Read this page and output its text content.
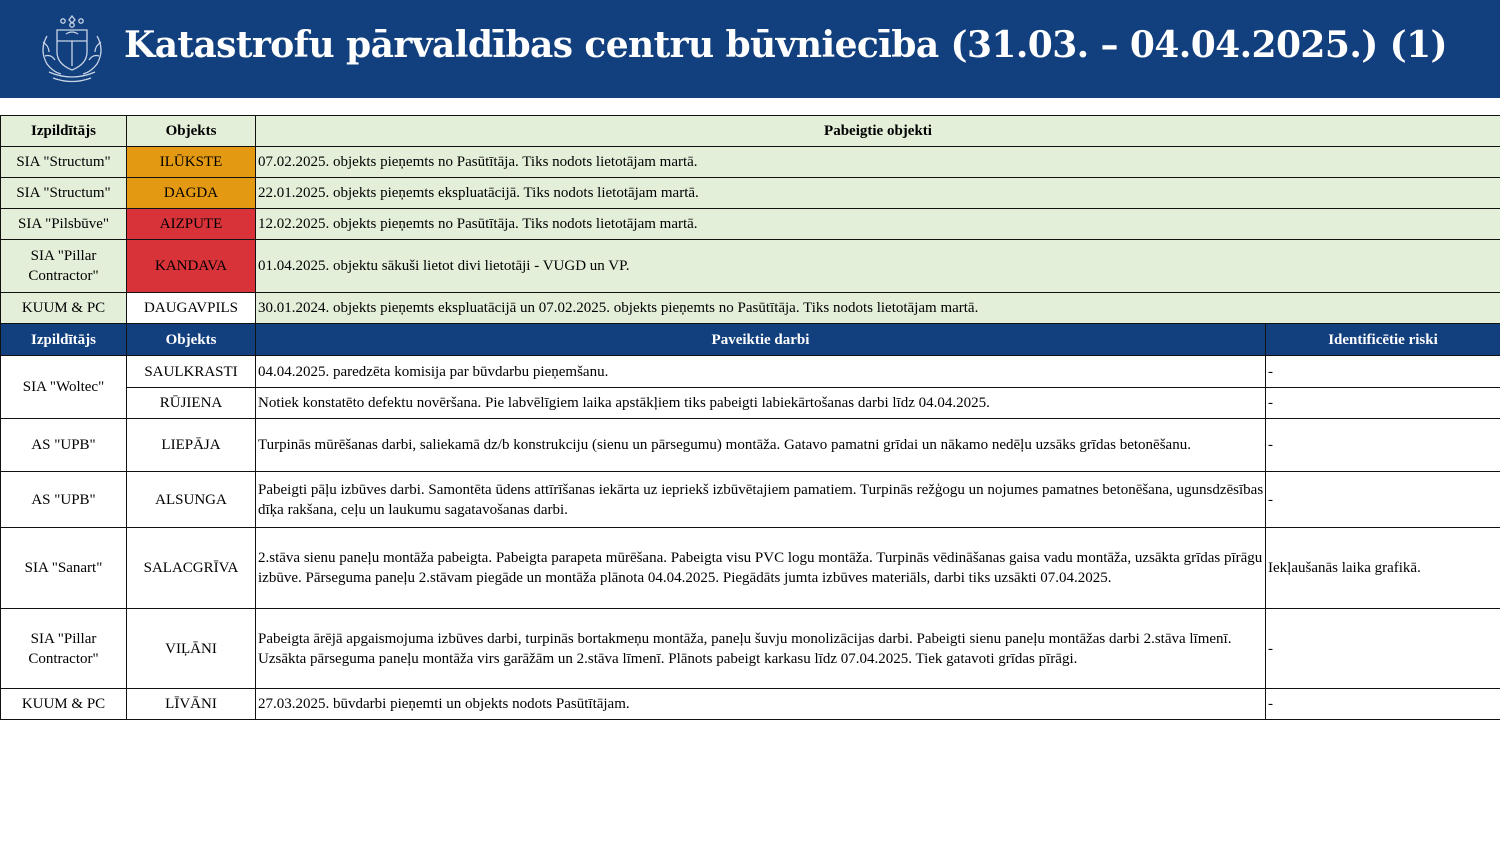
Katastrofu pārvaldības centru būvniecība (31.03. – 04.04.2025.) (1)
Izpildītājs	Objekts	Pabeigtie objekti
SIA "Structum"	ILŪKSTE	07.02.2025. objekts pieņemts no Pasūtītāja. Tiks nodots lietotājam martā.
SIA "Structum"	DAGDA	22.01.2025. objekts pieņemts ekspluatācijā. Tiks nodots lietotājam martā.
SIA "Pilsbūve"	AIZPUTE	12.02.2025. objekts pieņemts no Pasūtītāja. Tiks nodots lietotājam martā.
SIA "Pillar Contractor"	KANDAVA	01.04.2025. objektu sākuši lietot divi lietotāji - VUGD un VP.
KUUM & PC	DAUGAVPILS	30.01.2024. objekts pieņemts ekspluatācijā un 07.02.2025. objekts pieņemts no Pasūtītāja. Tiks nodots lietotājam martā.
Izpildītājs	Objekts	Paveiktie darbi	Identificētie riski
SIA "Woltec"	SAULKRASTI	04.04.2025. paredzēta komisija par būvdarbu pieņemšanu.	-
	RŪJIENA	Notiek konstatēto defektu novēršana. Pie labvēlīgiem laika apstākļiem tiks pabeigti labiekārtošanas darbi līdz 04.04.2025.	-
AS "UPB"	LIEPĀJA	Turpinās mūrēšanas darbi, saliekamā dz/b konstrukciju (sienu un pārsegumu) montāža. Gatavo pamatni grīdai un nākamo nedēļu uzsāks grīdas betonēšanu.	-
AS "UPB"	ALSUNGA	Pabeigti pāļu izbūves darbi. Samontēta ūdens attīrīšanas iekārta uz iepriekš izbūvētajiem pamatiem. Turpinās režģogu un nojumes pamatnes betonēšana, ugunsdzēsības dīķa rakšana, ceļu un laukumu sagatavošanas darbi.	-
SIA "Sanart"	SALACGRĪVA	2.stāva sienu paneļu montāža pabeigta. Pabeigta parapeta mūrēšana. Pabeigta visu PVC logu montāža. Turpinās vēdināšanas gaisa vadu montāža, uzsākta grīdas pīrāgu izbūve. Pārseguma paneļu 2.stāvam piegāde un montāža plānota 04.04.2025. Piegādāts jumta izbūves materiāls, darbi tiks uzsākti 07.04.2025.	Iekļaušanās laika grafikā.
SIA "Pillar Contractor"	VIĻĀNI	Pabeigta ārējā apgaismojuma izbūves darbi, turpinās bortakmeņu montāža, paneļu šuvju monolizācijas darbi. Pabeigti sienu paneļu montāžas darbi 2.stāva līmenī. Uzsākta pārseguma paneļu montāža virs garāžām un 2.stāva līmenī. Plānots pabeigt karkasu līdz 07.04.2025. Tiek gatavoti grīdas pīrāgi.	-
KUUM & PC	LĪVĀNI	27.03.2025. būvdarbi pieņemti un objekts nodots Pasūtītājam.	-
